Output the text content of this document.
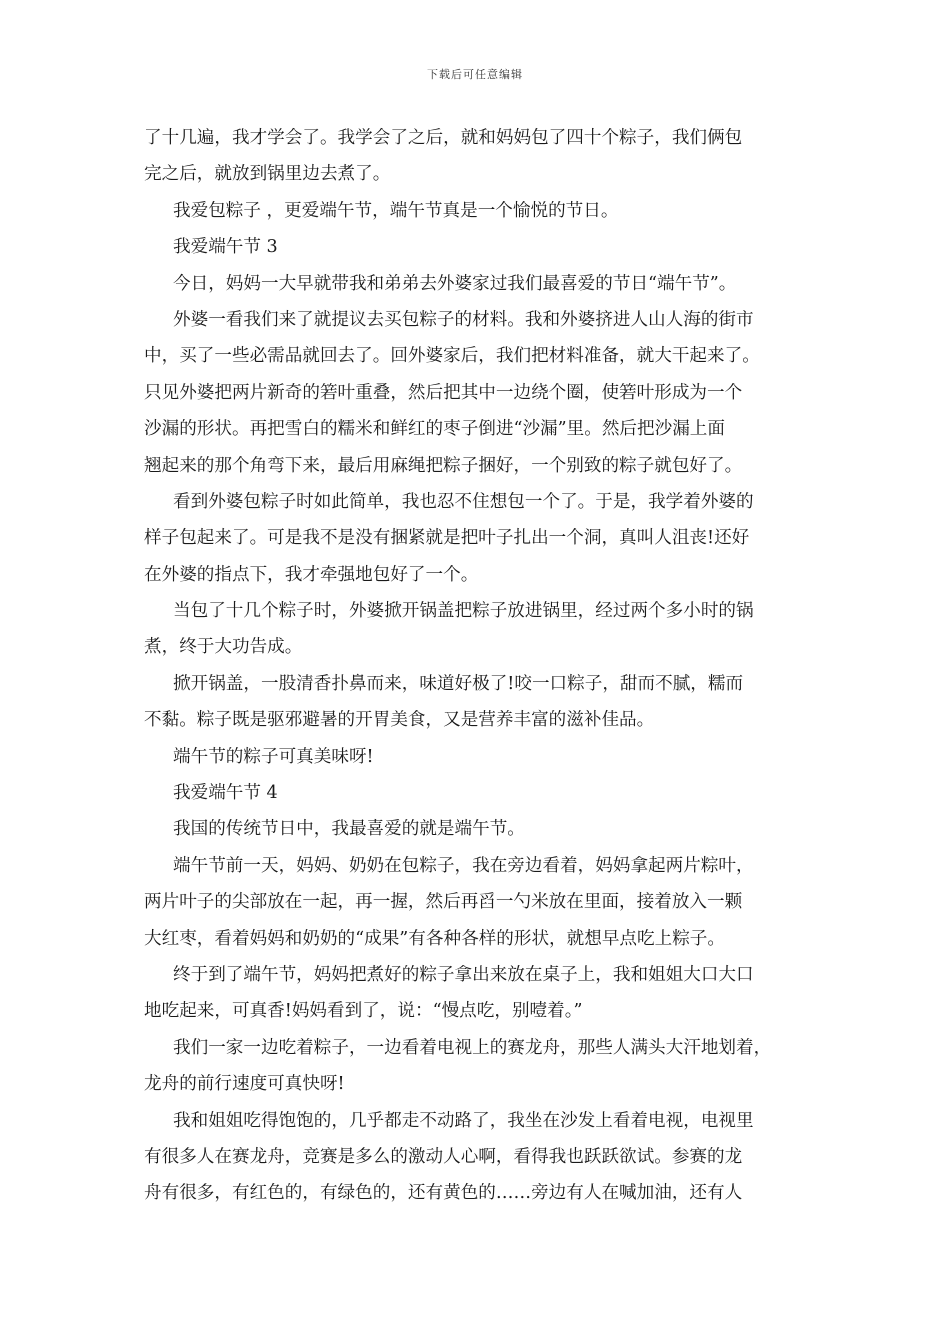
下载后可任意编辑
了十几遍，我才学会了。我学会了之后，就和妈妈包了四十个粽子，我们俩包
完之后，就放到锅里边去煮了。
我爱包粽子 ，更爱端午节，端午节真是一个愉悦的节日。
我爱端午节 3
今日，妈妈一大早就带我和弟弟去外婆家过我们最喜爱的节日“端午节”。
外婆一看我们来了就提议去买包粽子的材料。我和外婆挤进人山人海的街市
中，买了一些必需品就回去了。回外婆家后，我们把材料准备，就大干起来了。
只见外婆把两片新奇的箬叶重叠，然后把其中一边绕个圈，使箬叶形成为一个
沙漏的形状。再把雪白的糯米和鲜红的枣子倒进“沙漏”里。然后把沙漏上面
翘起来的那个角弯下来，最后用麻绳把粽子捆好，一个别致的粽子就包好了。
看到外婆包粽子时如此简单，我也忍不住想包一个了。于是，我学着外婆的
样子包起来了。可是我不是没有捆紧就是把叶子扎出一个洞，真叫人沮丧!还好
在外婆的指点下，我才牵强地包好了一个。
当包了十几个粽子时，外婆掀开锅盖把粽子放进锅里，经过两个多小时的锅
煮，终于大功告成。
掀开锅盖，一股清香扑鼻而来，味道好极了!咬一口粽子，甜而不腻，糯而
不黏。粽子既是驱邪避暑的开胃美食，又是营养丰富的滋补佳品。
端午节的粽子可真美味呀!
我爱端午节 4
我国的传统节日中，我最喜爱的就是端午节。
端午节前一天，妈妈、奶奶在包粽子，我在旁边看着，妈妈拿起两片粽叶，
两片叶子的尖部放在一起，再一握，然后再舀一勺米放在里面，接着放入一颗
大红枣，看着妈妈和奶奶的“成果”有各种各样的形状，就想早点吃上粽子。
终于到了端午节，妈妈把煮好的粽子拿出来放在桌子上，我和姐姐大口大口
地吃起来，可真香!妈妈看到了，说：“慢点吃，别噎着。”
我们一家一边吃着粽子，一边看着电视上的赛龙舟，那些人满头大汗地划着，
龙舟的前行速度可真快呀!
我和姐姐吃得饱饱的，几乎都走不动路了，我坐在沙发上看着电视，电视里
有很多人在赛龙舟，竞赛是多么的激动人心啊，看得我也跃跃欲试。参赛的龙
舟有很多，有红色的，有绿色的，还有黄色的……旁边有人在喊加油，还有人
